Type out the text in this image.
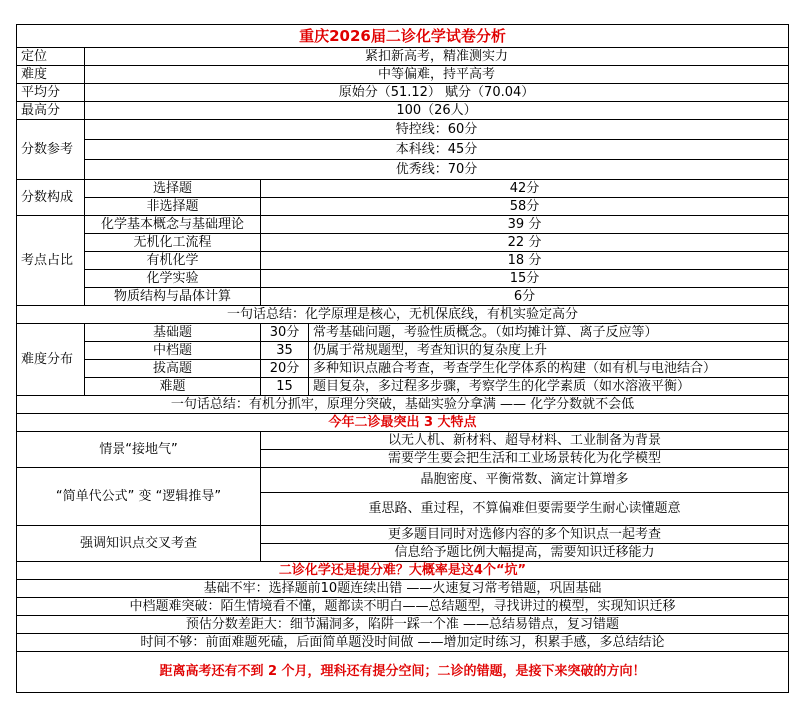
重庆2026届二诊化学试卷分析			
定位	紧扣新高考，精准测实力		
难度	中等偏难，持平高考		
平均分	原始分（51.12） 赋分（70.04）		
最高分	100（26人）		
分数参考	特控线：60分		
	本科线：45分		
	优秀线：70分		
分数构成	选择题	42分	
	非选择题	58分	
考点占比	化学基本概念与基础理论	39 分	
	无机化工流程	22 分	
	有机化学	18 分	
	化学实验	15分	
	物质结构与晶体计算	6分	
一句话总结：化学原理是核心，无机保底线，有机实验定高分			
难度分布	基础题	30分	常考基础问题，考验性质概念。（如均摊计算、离子反应等）
	中档题	35	仍属于常规题型，考查知识的复杂度上升
	拔高题	20分	多种知识点融合考查，考查学生化学体系的构建（如有机与电池结合）
	难题	15	题目复杂，多过程多步骤，考察学生的化学素质（如水溶液平衡）
一句话总结：有机分抓牢，原理分突破，基础实验分拿满 —— 化学分数就不会低			
今年二诊最突出 3 大特点			
情景“接地气”		以无人机、新材料、超导材料、工业制备为背景	
		需要学生要会把生活和工业场景转化为化学模型	
“简单代公式” 变 “逻辑推导”		晶胞密度、平衡常数、滴定计算增多	
		重思路、重过程，不算偏难但要需要学生耐心读懂题意	
强调知识点交叉考查		更多题目同时对选修内容的多个知识点一起考查	
		信息给予题比例大幅提高，需要知识迁移能力	
二诊化学还是提分难？大概率是这4个“坑”			
基础不牢：选择题前10题连续出错 ——火速复习常考错题，巩固基础			
中档题难突破：陌生情境看不懂，题都读不明白——总结题型，寻找讲过的模型，实现知识迁移			
预估分数差距大：细节漏洞多，陷阱一踩一个准 ——总结易错点，复习错题			
时间不够：前面难题死磕，后面简单题没时间做 ——增加定时练习，积累手感，多总结结论			
距离高考还有不到 2 个月，理科还有提分空间；二诊的错题，是接下来突破的方向！			
